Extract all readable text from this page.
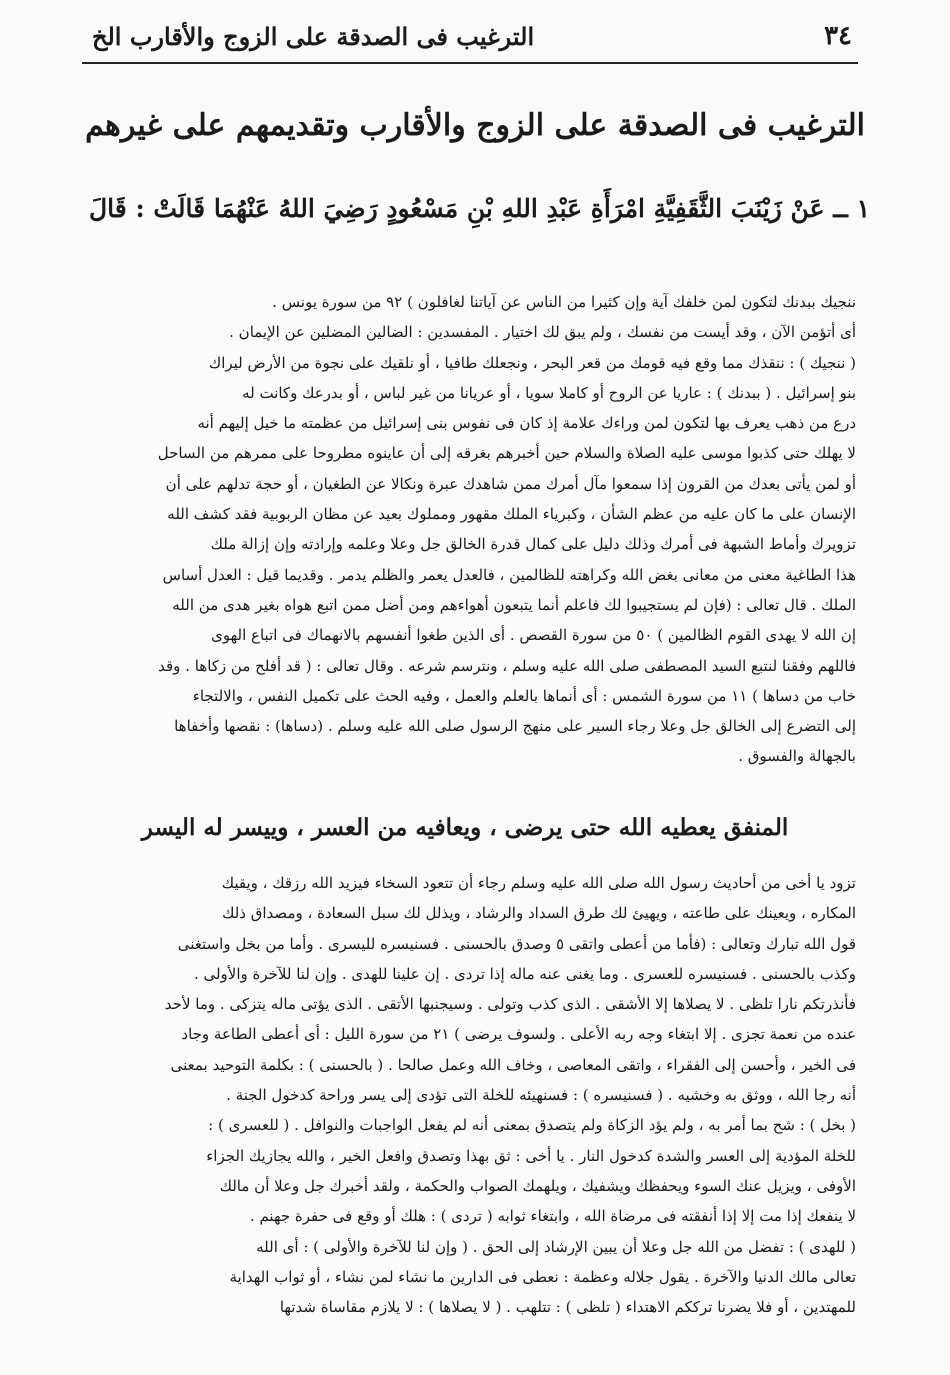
٣٤
الترغيب فى الصدقة على الزوج والأقارب الخ
الترغيب فى الصدقة على الزوج والأقارب وتقديمهم على غيرهم
١ ــ عَنْ زَيْنَبَ الثَّقَفِيَّةِ امْرَأَةِ عَبْدِ اللهِ بْنِ مَسْعُودٍ رَضِيَ اللهُ عَنْهُمَا قَالَتْ : قَالَ
ننجيك ببدنك لتكون لمن خلفك آية وإن كثيرا من الناس عن آياتنا لغافلون ) ٩٢ من سورة يونس .
أى أتؤمن الآن ، وقد أيست من نفسك ، ولم يبق لك اختيار . المفسدين : الضالين المضلين عن الإيمان .
( ننجيك ) : ننقذك مما وقع فيه قومك من قعر البحر ، ونجعلك طافيا ، أو نلقيك على نجوة من الأرض ليراك
بنو إسرائيل . ( ببدنك ) : عاريا عن الروح أو كاملا سويا ، أو عريانا من غير لباس ، أو بدرعك وكانت له
درع من ذهب يعرف بها لتكون لمن وراءك علامة إذ كان فى نفوس بنى إسرائيل من عظمته ما خيل إليهم أنه
لا يهلك حتى كذبوا موسى عليه الصلاة والسلام حين أخبرهم بغرقه إلى أن عاينوه مطروحا على ممرهم من الساحل
أو لمن يأتى بعدك من القرون إذا سمعوا مآل أمرك ممن شاهدك عبرة ونكالا عن الطغيان ، أو حجة تدلهم على أن
الإنسان على ما كان عليه من عظم الشأن ، وكبرياء الملك مقهور ومملوك بعيد عن مظان الربوبية فقد كشف الله
تزويرك وأماط الشبهة فى أمرك وذلك دليل على كمال قدرة الخالق جل وعلا وعلمه وإرادته وإن إزالة ملك
هذا الطاغية معنى من معانى بغض الله وكراهته للظالمين ، فالعدل يعمر والظلم يدمر . وقديما قيل : العدل أساس
الملك . قال تعالى : (فإن لم يستجيبوا لك فاعلم أنما يتبعون أهواءهم ومن أضل ممن اتبع هواه بغير هدى من الله
إن الله لا يهدى القوم الظالمين ) ٥٠ من سورة القصص . أى الذين طغوا أنفسهم بالانهماك فى اتباع الهوى
فاللهم وفقنا لنتبع السيد المصطفى صلى الله عليه وسلم ، ونترسم شرعه . وقال تعالى : ( قد أفلح من زكاها . وقد
خاب من دساها ) ١١ من سورة الشمس : أى أنماها بالعلم والعمل ، وفيه الحث على تكميل النفس ، والالتجاء
إلى التضرع إلى الخالق جل وعلا رجاء السير على منهج الرسول صلى الله عليه وسلم . (دساها) : نقصها وأخفاها
بالجهالة والفسوق .
المنفق يعطيه الله حتى يرضى ، ويعافيه من العسر ، وييسر له اليسر
تزود يا أخى من أحاديث رسول الله صلى الله عليه وسلم رجاء أن تتعود السخاء فيزيد الله رزقك ، ويقيك
المكاره ، ويعينك على طاعته ، ويهيئ لك طرق السداد والرشاد ، ويذلل لك سبل السعادة ، ومصداق ذلك
قول الله تبارك وتعالى : (فأما من أعطى واتقى ٥ وصدق بالحسنى . فسنيسره لليسرى . وأما من بخل واستغنى
وكذب بالحسنى . فسنيسره للعسرى . وما يغنى عنه ماله إذا تردى . إن علينا للهدى . وإن لنا للآخرة والأولى .
فأنذرتكم نارا تلظى . لا يصلاها إلا الأشقى . الذى كذب وتولى . وسيجنبها الأتقى . الذى يؤتى ماله يتزكى . وما لأحد
عنده من نعمة تجزى . إلا ابتغاء وجه ربه الأعلى . ولسوف يرضى ) ٢١ من سورة الليل : أى أعطى الطاعة وجاد
فى الخير ، وأحسن إلى الفقراء ، واتقى المعاصى ، وخاف الله وعمل صالحا . ( بالحسنى ) : بكلمة التوحيد بمعنى
أنه رجا الله ، ووثق به وخشيه . ( فسنيسره ) : فسنهيئه للخلة التى تؤدى إلى يسر وراحة كدخول الجنة .
( بخل ) : شح بما أمر به ، ولم يؤد الزكاة ولم يتصدق بمعنى أنه لم يفعل الواجبات والنوافل . ( للعسرى ) :
للخلة المؤدية إلى العسر والشدة كدخول النار . يا أخى : ثق بهذا وتصدق وافعل الخير ، والله يجازيك الجزاء
الأوفى ، ويزيل عنك السوء ويحفظك ويشفيك ، ويلهمك الصواب والحكمة ، ولقد أخبرك جل وعلا أن مالك
لا ينفعك إذا مت إلا إذا أنفقته فى مرضاة الله ، وابتغاء ثوابه ( تردى ) : هلك أو وقع فى حفرة جهنم .
( للهدى ) : تفضل من الله جل وعلا أن يبين الإرشاد إلى الحق . ( وإن لنا للآخرة والأولى ) : أى الله
تعالى مالك الدنيا والآخرة . يقول جلاله وعظمة : نعطى فى الدارين ما نشاء لمن نشاء ، أو ثواب الهداية
للمهتدين ، أو فلا يضرنا ترككم الاهتداء ( تلظى ) : تتلهب . ( لا يصلاها ) : لا يلازم مقاساة شدتها
